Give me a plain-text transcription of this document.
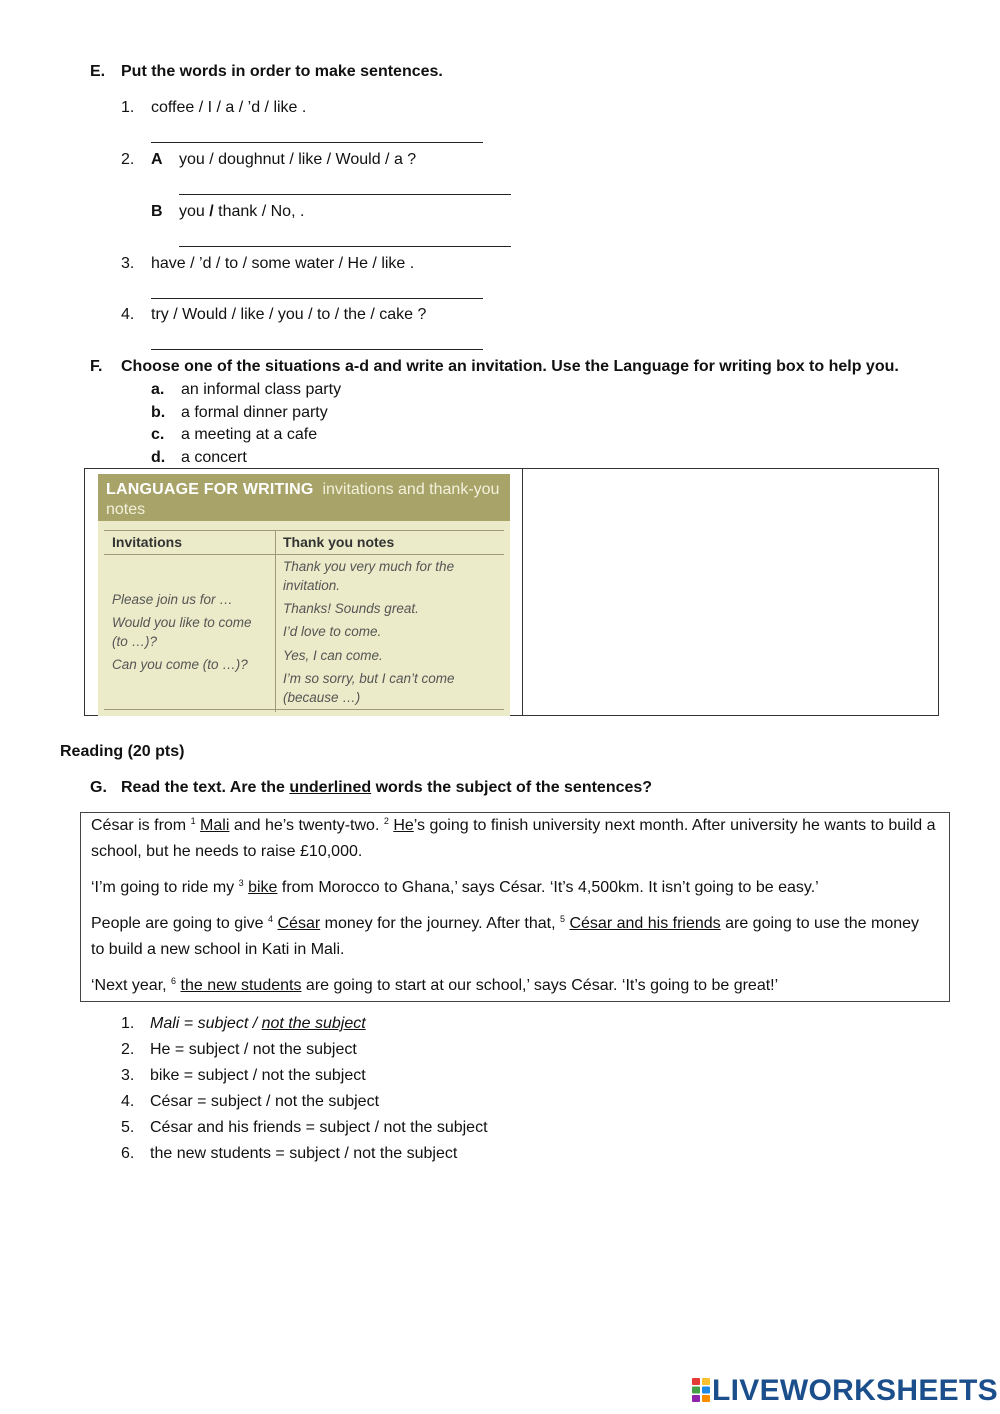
E. Put the words in order to make sentences.
1. coffee / I / a / ’d / like .
2. A you / doughnut / like / Would / a ?
B you / thank / No, .
3. have / ’d / to / some water / He / like .
4. try / Would / like / you / to / the / cake ?
F. Choose one of the situations a-d and write an invitation. Use the Language for writing box to help you.
a. an informal class party
b. a formal dinner party
c. a meeting at a cafe
d. a concert
LANGUAGE FOR WRITING invitations and thank-you notes
Invitations	Thank you notes
Please join us for …
Would you like to come (to …)?
Can you come (to …)?
Thank you very much for the invitation.
Thanks! Sounds great.
I’d love to come.
Yes, I can come.
I’m so sorry, but I can’t come (because …)
Reading (20 pts)
G. Read the text. Are the underlined words the subject of the sentences?
César is from $^1$ Mali and he’s twenty-two. $^2$ He’s going to finish university next month. After university he wants to build a school, but he needs to raise £10,000.
‘I’m going to ride my $^3$ bike from Morocco to Ghana,’ says César. ‘It’s 4,500km. It isn’t going to be easy.’
People are going to give $^4$ César money for the journey. After that, $^5$ César and his friends are going to use the money to build a new school in Kati in Mali.
‘Next year, $^6$ the new students are going to start at our school,’ says César. ‘It’s going to be great!’
1. Mali = subject / not the subject
2. He = subject / not the subject
3. bike = subject / not the subject
4. César = subject / not the subject
5. César and his friends = subject / not the subject
6. the new students = subject / not the subject
LIVEWORKSHEETS
